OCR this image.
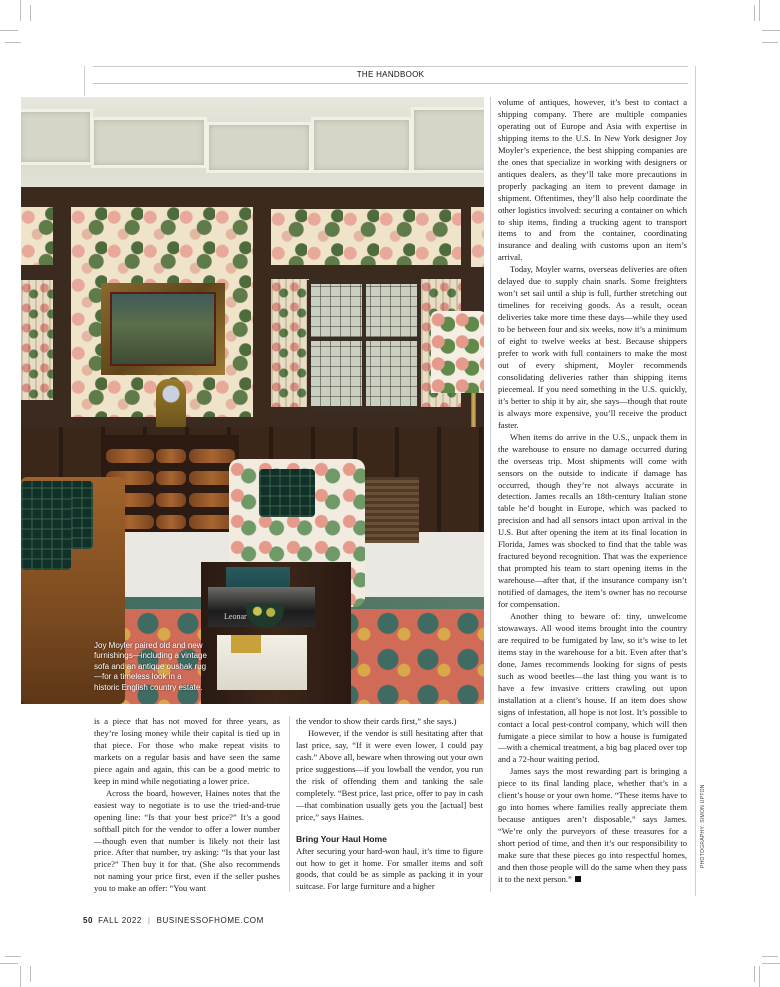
THE HANDBOOK
Leonar
Joy Moyler paired old and new furnishings—including a vintage sofa and an antique oushak rug—for a timeless look in a historic English country estate.

is a piece that has not moved for three years, as they’re losing money while their capital is tied up in that piece. For those who make repeat visits to markets on a regular basis and have seen the same piece again and again, this can be a good metric to keep in mind while negotiating a lower price.

Across the board, however, Haines notes that the easiest way to negotiate is to use the tried-and-true opening line: “Is that your best price?” It’s a good softball pitch for the vendor to offer a lower number—though even that number is likely not their last price. After that number, try asking: “Is that your last price?” Then buy it for that. (She also recommends not naming your price first, even if the seller pushes you to make an offer: “You want

the vendor to show their cards first,” she says.)

However, if the vendor is still hesitating after that last price, say, “If it were even lower, I could pay cash.” Above all, beware when throwing out your own price suggestions—if you lowball the vendor, you run the risk of offending them and tanking the sale completely. “Best price, last price, offer to pay in cash—that combination usually gets you the [actual] best price,” says Haines.

Bring Your Haul Home

After securing your hard-won haul, it’s time to figure out how to get it home. For smaller items and soft goods, that could be as simple as packing it in your suitcase. For large furniture and a higher

volume of antiques, however, it’s best to contact a shipping company. There are multiple companies operating out of Europe and Asia with expertise in shipping items to the U.S. In New York designer Joy Moyler’s experience, the best shipping companies are the ones that specialize in working with designers or antiques dealers, as they’ll take more precautions in properly packaging an item to prevent damage in shipment. Oftentimes, they’ll also help coordinate the other logistics involved: securing a container on which to ship items, finding a trucking agent to transport items to and from the container, coordinating insurance and dealing with customs upon an item’s arrival.

Today, Moyler warns, overseas deliveries are often delayed due to supply chain snarls. Some freighters won’t set sail until a ship is full, further stretching out timelines for receiving goods. As a result, ocean deliveries take more time these days—while they used to be between four and six weeks, now it’s a minimum of eight to twelve weeks at best. Because shippers prefer to work with full containers to make the most out of every shipment, Moyler recommends consolidating deliveries rather than shipping items piecemeal. If you need something in the U.S. quickly, it’s better to ship it by air, she says—though that route is always more expensive, you’ll receive the product faster.

When items do arrive in the U.S., unpack them in the warehouse to ensure no damage occurred during the overseas trip. Most shipments will come with sensors on the outside to indicate if damage has occurred, though they’re not always accurate in detection. James recalls an 18th-century Italian stone table he’d bought in Europe, which was packed to precision and had all sensors intact upon arrival in the U.S. But after opening the item at its final location in Florida, James was shocked to find that the table was fractured beyond recognition. That was the experience that prompted his team to start opening items in the warehouse—after that, if the insurance company isn’t notified of damages, the item’s owner has no recourse for compensation.

Another thing to beware of: tiny, unwelcome stowaways. All wood items brought into the country are required to be fumigated by law, so it’s wise to let items stay in the warehouse for a bit. Even after that’s done, James recommends looking for signs of pests such as wood beetles—the last thing you want is to have a few invasive critters crawling out upon installation at a client’s house. If an item does show signs of infestation, all hope is not lost. It’s possible to contact a local pest-control company, which will then fumigate a piece similar to how a house is fumigated—with a chemical treatment, a big bag placed over top and a 72-hour waiting period.

James says the most rewarding part is bringing a piece to its final landing place, whether that’s in a client’s house or your own home. “These items have to go into homes where families really appreciate them because antiques aren’t disposable,” says James. “We’re only the purveyors of these treasures for a short period of time, and then it’s our responsibility to make sure that these pieces go into respectful homes, and then those people will do the same when they pass it to the next person.”

PHOTOGRAPHY: SIMON UPTON
50 FALL 2022 | BUSINESSOFHOME.COM
